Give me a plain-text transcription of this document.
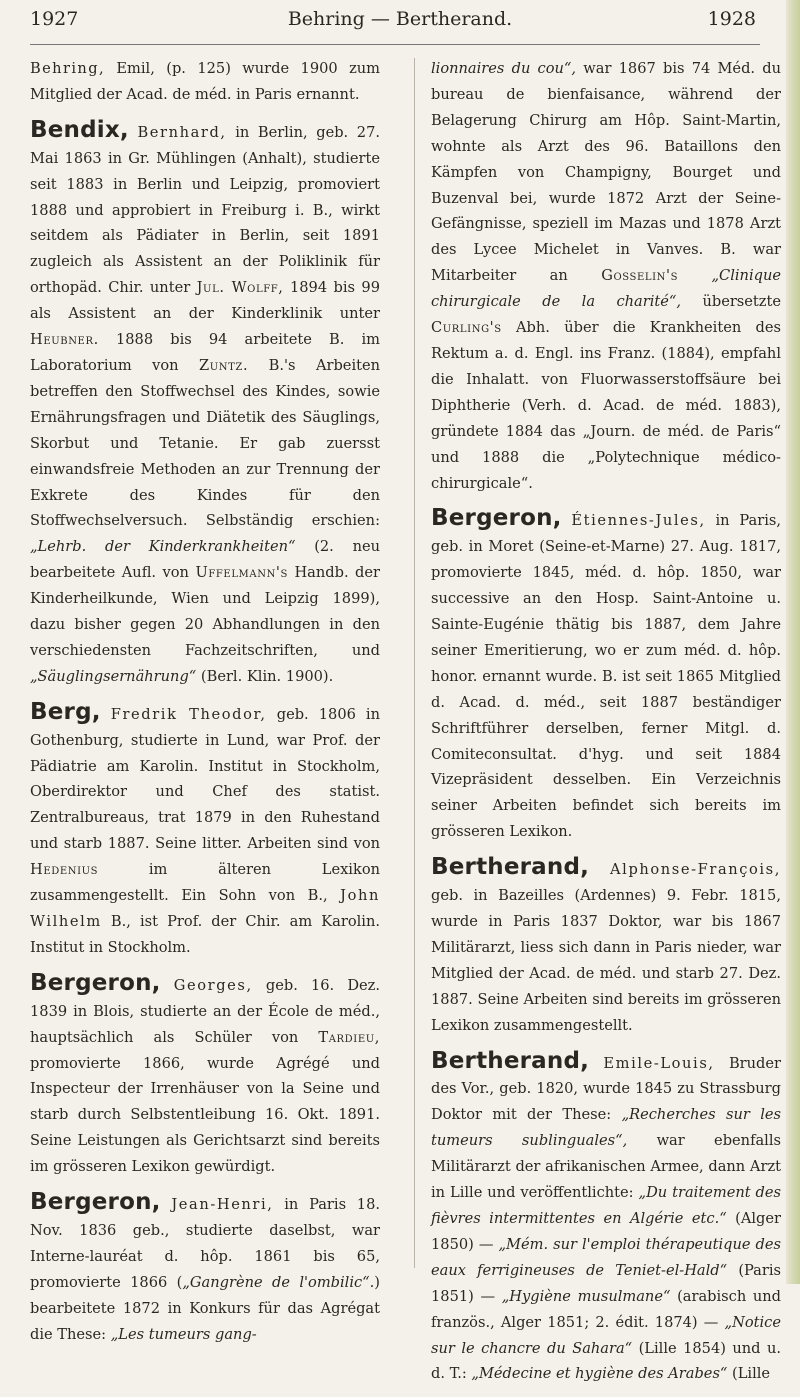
1927	Behring — Bertherand.	1928

Behring, Emil, (p. 125) wurde 1900 zum Mitglied der Acad. de méd. in Paris ernannt.

Bendix, Bernhard, in Berlin, geb. 27. Mai 1863 in Gr. Mühlingen (Anhalt), studierte seit 1883 in Berlin und Leipzig, promoviert 1888 und approbiert in Freiburg i. B., wirkt seitdem als Pädiater in Berlin, seit 1891 zugleich als Assistent an der Poliklinik für orthopäd. Chir. unter Jul. Wolff, 1894 bis 99 als Assistent an der Kinderklinik unter Heubner. 1888 bis 94 arbeitete B. im Laboratorium von Zuntz. B.'s Arbeiten betreffen den Stoffwechsel des Kindes, sowie Ernährungsfragen und Diätetik des Säuglings, Skorbut und Tetanie. Er gab zuersst einwandsfreie Methoden an zur Trennung der Exkrete des Kindes für den Stoffwechselversuch. Selbständig erschien: „Lehrb. der Kinderkrankheiten“ (2. neu bearbeitete Aufl. von Uffelmann's Handb. der Kinderheilkunde, Wien und Leipzig 1899), dazu bisher gegen 20 Abhandlungen in den verschiedensten Fachzeitschriften, und „Säuglingsernährung“ (Berl. Klin. 1900).

Berg, Fredrik Theodor, geb. 1806 in Gothenburg, studierte in Lund, war Prof. der Pädiatrie am Karolin. Institut in Stockholm, Oberdirektor und Chef des statist. Zentralbureaus, trat 1879 in den Ruhestand und starb 1887. Seine litter. Arbeiten sind von Hedenius	im älteren Lexikon zusammengestellt. Ein Sohn von B., John Wilhelm B., ist Prof. der Chir. am Karolin. Institut in Stockholm.

Bergeron, Georges, geb. 16. Dez. 1839 in Blois, studierte an der École de méd., hauptsächlich als Schüler von Tardieu, promovierte 1866, wurde Agrégé und Inspecteur der Irrenhäuser von la Seine und starb durch Selbstentleibung 16. Okt. 1891. Seine Leistungen als Gerichtsarzt sind bereits im grösseren Lexikon gewürdigt.

Bergeron, Jean-Henri, in Paris 18. Nov. 1836 geb., studierte daselbst, war Interne-lauréat d. hôp. 1861 bis 65, promovierte 1866 („Gangrène de l'ombilic“.) bearbeitete 1872 in Konkurs für das Agrégat die These: „Les tumeurs gang-

lionnaires du cou“, war 1867 bis 74 Méd. du bureau de bienfaisance, während der Belagerung Chirurg am Hôp. Saint-Martin, wohnte als Arzt des 96. Bataillons den Kämpfen von Champigny, Bourget und Buzenval bei, wurde 1872 Arzt der Seine-Gefängnisse, speziell im Mazas und 1878 Arzt des Lycee Michelet in Vanves. B. war Mitarbeiter an Gosselin's „Clinique chirurgicale de la charité“, übersetzte Curling's Abh. über die Krankheiten des Rektum a. d. Engl. ins Franz. (1884), empfahl die Inhalatt. von Fluorwasserstoffsäure bei Diphtherie (Verh. d. Acad. de méd. 1883), gründete 1884 das „Journ. de méd. de Paris“ und 1888 die „Polytechnique médico-chirurgicale“.

Bergeron, Étiennes-Jules, in Paris, geb. in Moret (Seine-et-Marne) 27. Aug. 1817, promovierte 1845, méd. d. hôp. 1850, war successive an den Hosp. Saint-Antoine u. Sainte-Eugénie thätig bis 1887, dem Jahre seiner Emeritierung, wo er zum méd. d. hôp. honor. ernannt wurde. B. ist seit 1865 Mitglied d. Acad. d. méd., seit 1887 beständiger Schriftführer derselben, ferner Mitgl. d. Comiteconsultat. d'hyg. und seit 1884 Vizepräsident desselben. Ein Verzeichnis seiner Arbeiten befindet sich bereits im grösseren Lexikon.

Bertherand, Alphonse-François, geb. in Bazeilles (Ardennes) 9. Febr. 1815, wurde in Paris 1837 Doktor, war bis 1867 Militärarzt, liess sich dann in Paris nieder, war Mitglied der Acad. de méd. und starb 27. Dez. 1887. Seine Arbeiten sind bereits im grösseren Lexikon zusammengestellt.

Bertherand, Emile-Louis, Bruder des Vor., geb. 1820, wurde 1845 zu Strassburg Doktor mit der These: „Recherches sur les tumeurs sublinguales“, war ebenfalls Militärarzt der afrikanischen Armee, dann Arzt in Lille und veröffentlichte: „Du traitement des fièvres intermittentes en Algérie etc.“ (Alger 1850) — „Mém. sur l'emploi thérapeutique des eaux ferrigineuses de Teniet-el-Hald“ (Paris 1851) — „Hygiène musulmane“ (arabisch und französ., Alger 1851; 2. édit. 1874) — „Notice sur le chancre du Sahara“ (Lille 1854) und u. d. T.: „Médecine et hygiène des Arabes“ (Lille
